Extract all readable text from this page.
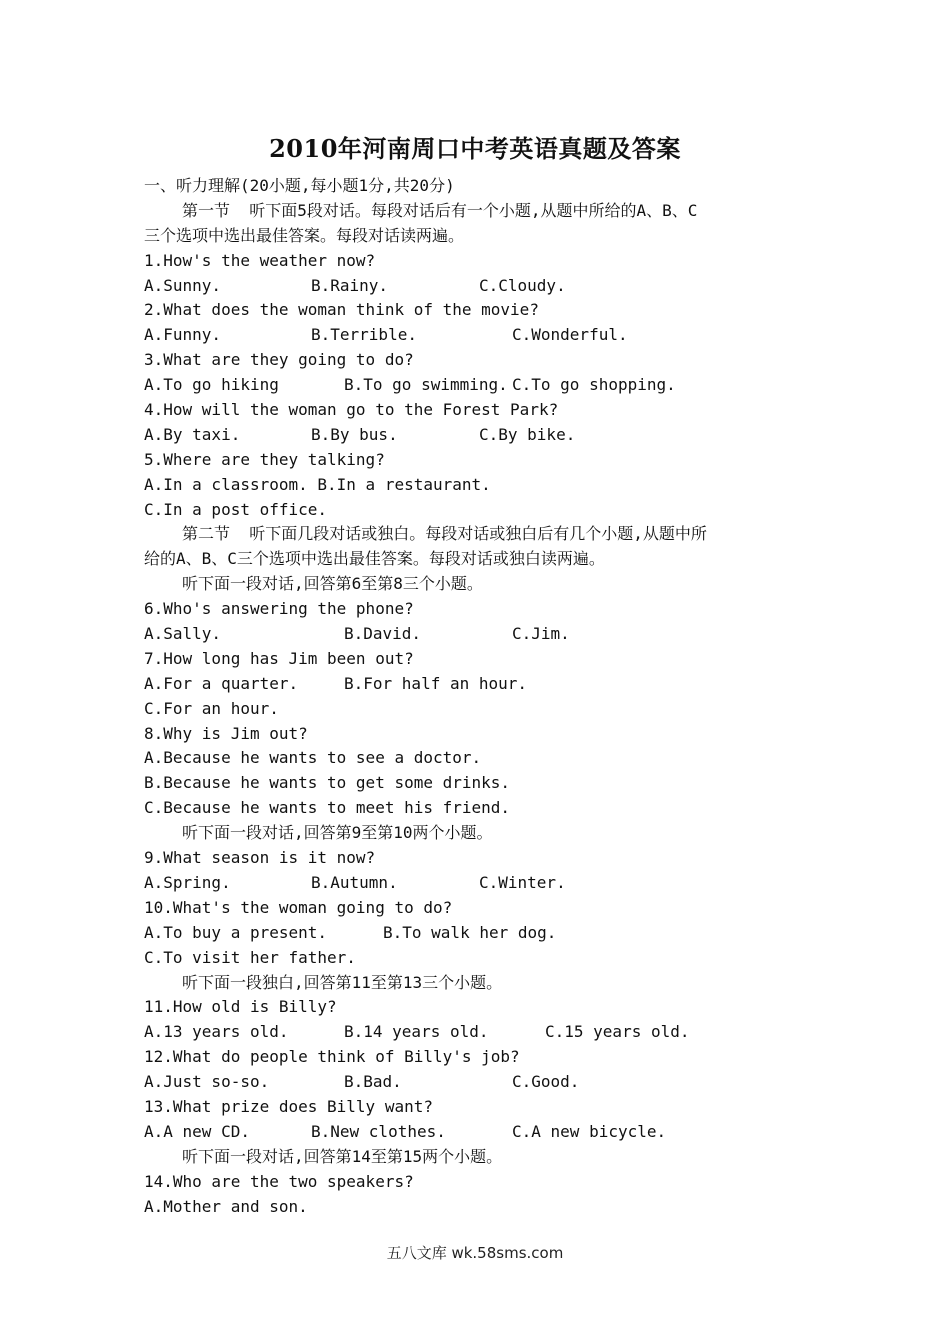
2010年河南周口中考英语真题及答案
一、听力理解(20小题,每小题1分,共20分)
第一节  听下面5段对话。每段对话后有一个小题,从题中所给的A、B、C
三个选项中选出最佳答案。每段对话读两遍。
1.How's the weather now?
A.Sunny.	B.Rainy.	C.Cloudy.
2.What does the woman think of the movie?
A.Funny.	B.Terrible.	C.Wonderful.
3.What are they going to do?
A.To go hiking	B.To go swimming. C.To go shopping.
4.How will the woman go to the Forest Park?
A.By taxi.	B.By bus.	C.By bike.
5.Where are they talking?
A.In a classroom. B.In a restaurant.
C.In a post office.
第二节  听下面几段对话或独白。每段对话或独白后有几个小题,从题中所
给的A、B、C三个选项中选出最佳答案。每段对话或独白读两遍。
听下面一段对话,回答第6至第8三个小题。
6.Who's answering the phone?
A.Sally.	B.David.	C.Jim.
7.How long has Jim been out?
A.For a quarter.	B.For half an hour.
C.For an hour.
8.Why is Jim out?
A.Because he wants to see a doctor.
B.Because he wants to get some drinks.
C.Because he wants to meet his friend.
听下面一段对话,回答第9至第10两个小题。
9.What season is it now?
A.Spring.	B.Autumn.	C.Winter.
10.What's the woman going to do?
A.To buy a present.	B.To walk her dog.
C.To visit her father.
听下面一段独白,回答第11至第13三个小题。
11.How old is Billy?
A.13 years old.	B.14 years old.	C.15 years old.
12.What do people think of Billy's job?
A.Just so-so.	B.Bad.	C.Good.
13.What prize does Billy want?
A.A new CD.	B.New clothes.	C.A new bicycle.
听下面一段对话,回答第14至第15两个小题。
14.Who are the two speakers?
A.Mother and son.
五八文库 wk.58sms.com
